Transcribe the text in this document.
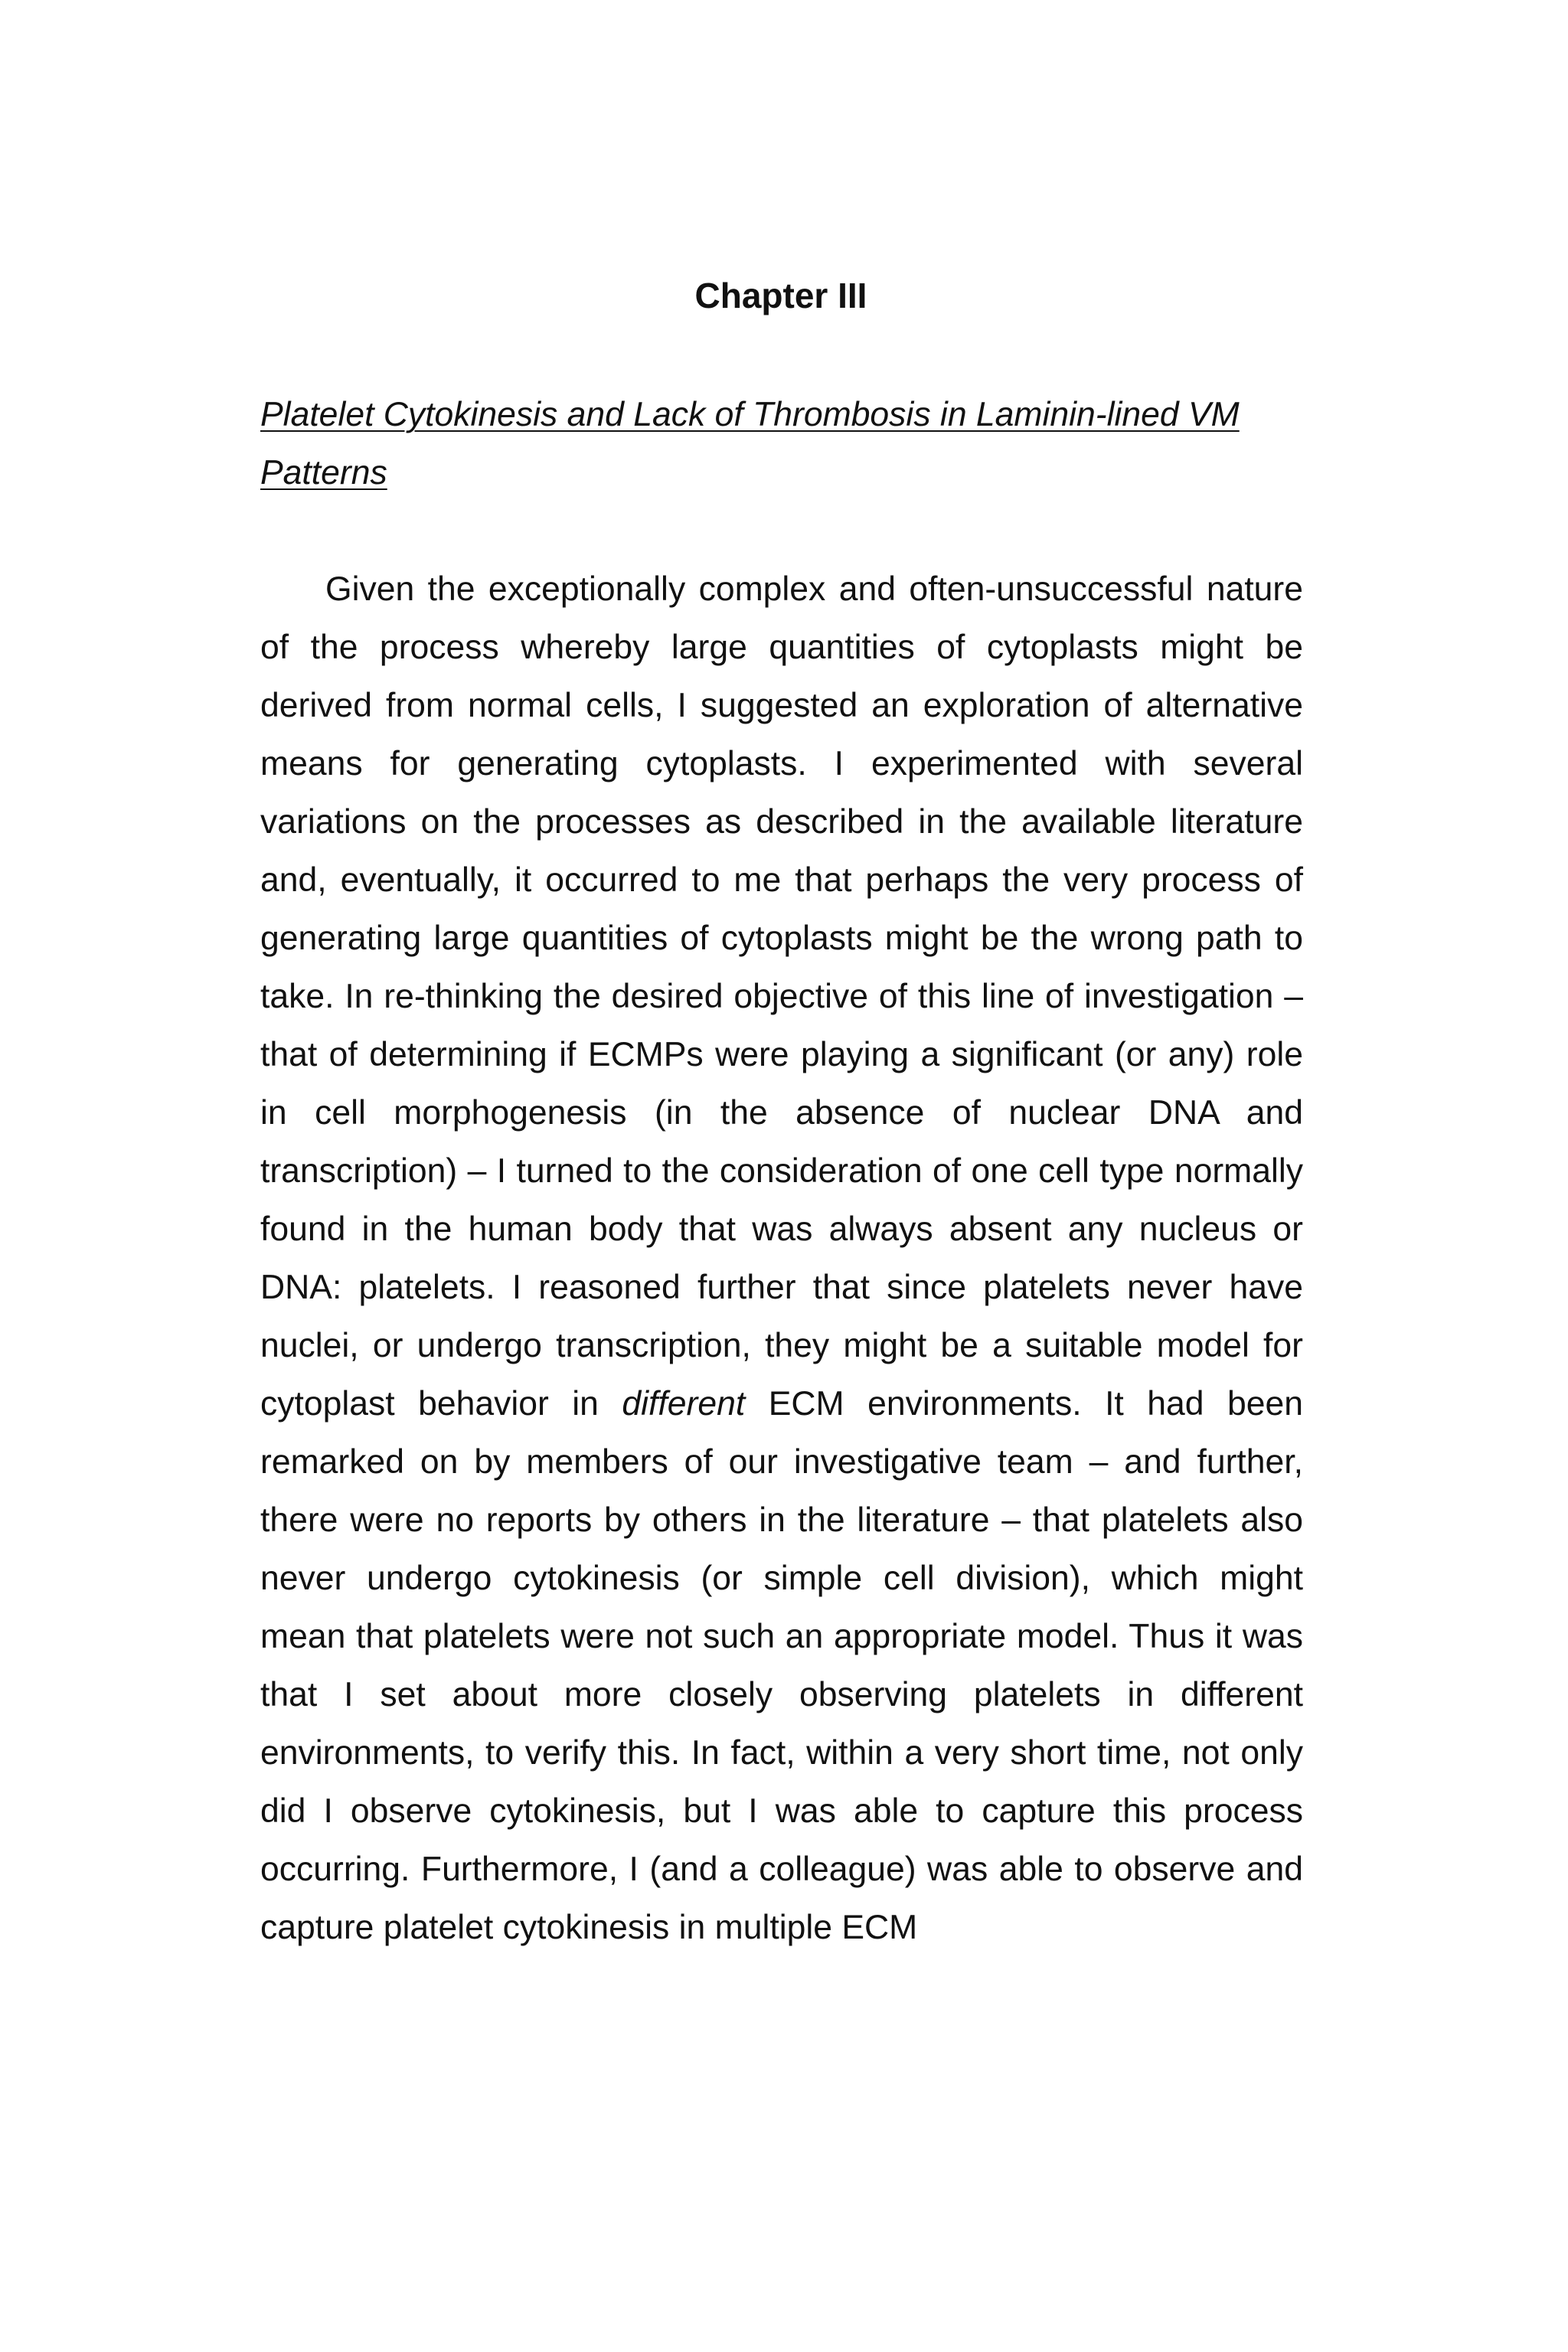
Chapter III

Platelet Cytokinesis and Lack of Thrombosis in Laminin-lined VM Patterns

Given the exceptionally complex and often-unsuccessful nature of the process whereby large quantities of cytoplasts might be derived from normal cells, I suggested an exploration of alternative means for generating cytoplasts. I experimented with several variations on the processes as described in the available literature and, eventually, it occurred to me that perhaps the very process of generating large quantities of cytoplasts might be the wrong path to take. In re-thinking the desired objective of this line of investigation – that of determining if ECMPs were playing a significant (or any) role in cell morphogenesis (in the absence of nuclear DNA and transcription) – I turned to the consideration of one cell type normally found in the human body that was always absent any nucleus or DNA: platelets. I reasoned further that since platelets never have nuclei, or undergo transcription, they might be a suitable model for cytoplast behavior in different ECM environments. It had been remarked on by members of our investigative team – and further, there were no reports by others in the literature – that platelets also never undergo cytokinesis (or simple cell division), which might mean that platelets were not such an appropriate model. Thus it was that I set about more closely observing platelets in different environments, to verify this. In fact, within a very short time, not only did I observe cytokinesis, but I was able to capture this process occurring. Furthermore, I (and a colleague) was able to observe and capture platelet cytokinesis in multiple ECM
